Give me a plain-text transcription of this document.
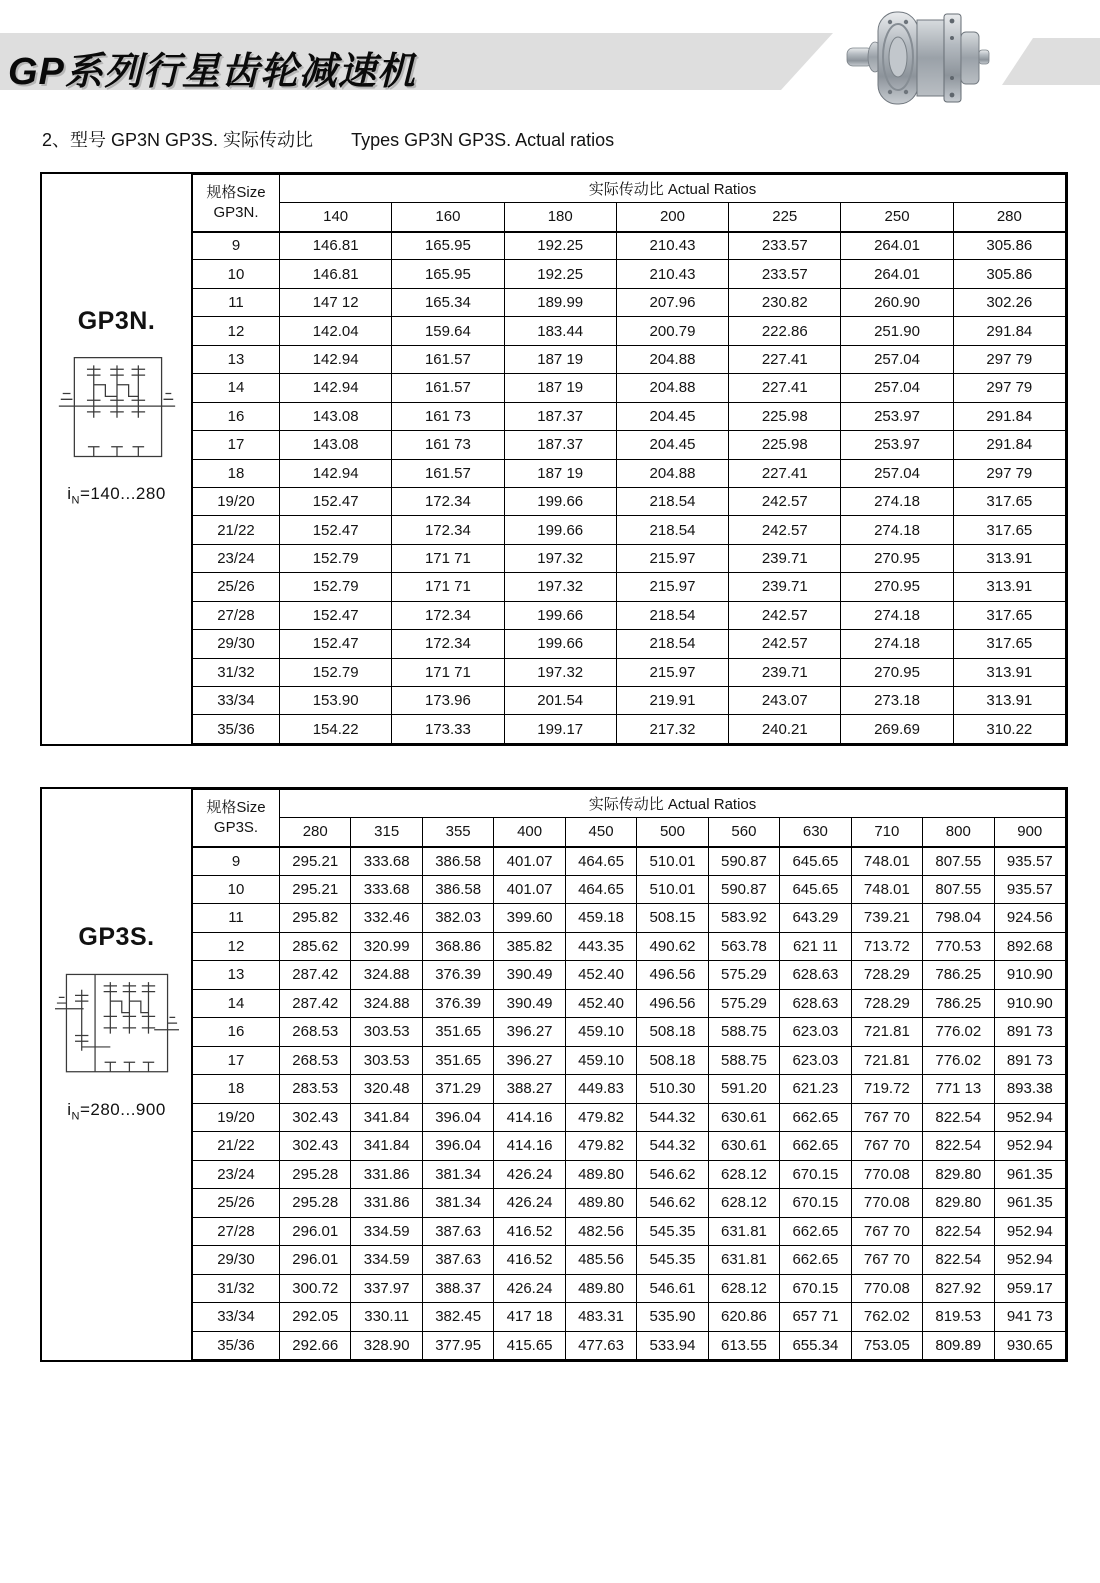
GP系列行星齿轮减速机
2、型号 GP3N GP3S. 实际传动比 Types GP3N GP3S. Actual ratios
GP3N.
$i_N=140...280$
规格Size
GP3N.	实际传动比 Actual Ratios						
	140	160	180	200	225	250	280
9	146.81	165.95	192.25	210.43	233.57	264.01	305.86
10	146.81	165.95	192.25	210.43	233.57	264.01	305.86
11	147 12	165.34	189.99	207.96	230.82	260.90	302.26
12	142.04	159.64	183.44	200.79	222.86	251.90	291.84
13	142.94	161.57	187 19	204.88	227.41	257.04	297 79
14	142.94	161.57	187 19	204.88	227.41	257.04	297 79
16	143.08	161 73	187.37	204.45	225.98	253.97	291.84
17	143.08	161 73	187.37	204.45	225.98	253.97	291.84
18	142.94	161.57	187 19	204.88	227.41	257.04	297 79
19/20	152.47	172.34	199.66	218.54	242.57	274.18	317.65
21/22	152.47	172.34	199.66	218.54	242.57	274.18	317.65
23/24	152.79	171 71	197.32	215.97	239.71	270.95	313.91
25/26	152.79	171 71	197.32	215.97	239.71	270.95	313.91
27/28	152.47	172.34	199.66	218.54	242.57	274.18	317.65
29/30	152.47	172.34	199.66	218.54	242.57	274.18	317.65
31/32	152.79	171 71	197.32	215.97	239.71	270.95	313.91
33/34	153.90	173.96	201.54	219.91	243.07	273.18	313.91
35/36	154.22	173.33	199.17	217.32	240.21	269.69	310.22
GP3S.
$i_N=280...900$
规格Size
GP3S.	实际传动比 Actual Ratios										
	280	315	355	400	450	500	560	630	710	800	900
9	295.21	333.68	386.58	401.07	464.65	510.01	590.87	645.65	748.01	807.55	935.57
10	295.21	333.68	386.58	401.07	464.65	510.01	590.87	645.65	748.01	807.55	935.57
11	295.82	332.46	382.03	399.60	459.18	508.15	583.92	643.29	739.21	798.04	924.56
12	285.62	320.99	368.86	385.82	443.35	490.62	563.78	621 11	713.72	770.53	892.68
13	287.42	324.88	376.39	390.49	452.40	496.56	575.29	628.63	728.29	786.25	910.90
14	287.42	324.88	376.39	390.49	452.40	496.56	575.29	628.63	728.29	786.25	910.90
16	268.53	303.53	351.65	396.27	459.10	508.18	588.75	623.03	721.81	776.02	891 73
17	268.53	303.53	351.65	396.27	459.10	508.18	588.75	623.03	721.81	776.02	891 73
18	283.53	320.48	371.29	388.27	449.83	510.30	591.20	621.23	719.72	771 13	893.38
19/20	302.43	341.84	396.04	414.16	479.82	544.32	630.61	662.65	767 70	822.54	952.94
21/22	302.43	341.84	396.04	414.16	479.82	544.32	630.61	662.65	767 70	822.54	952.94
23/24	295.28	331.86	381.34	426.24	489.80	546.62	628.12	670.15	770.08	829.80	961.35
25/26	295.28	331.86	381.34	426.24	489.80	546.62	628.12	670.15	770.08	829.80	961.35
27/28	296.01	334.59	387.63	416.52	482.56	545.35	631.81	662.65	767 70	822.54	952.94
29/30	296.01	334.59	387.63	416.52	485.56	545.35	631.81	662.65	767 70	822.54	952.94
31/32	300.72	337.97	388.37	426.24	489.80	546.61	628.12	670.15	770.08	827.92	959.17
33/34	292.05	330.11	382.45	417 18	483.31	535.90	620.86	657 71	762.02	819.53	941 73
35/36	292.66	328.90	377.95	415.65	477.63	533.94	613.55	655.34	753.05	809.89	930.65
